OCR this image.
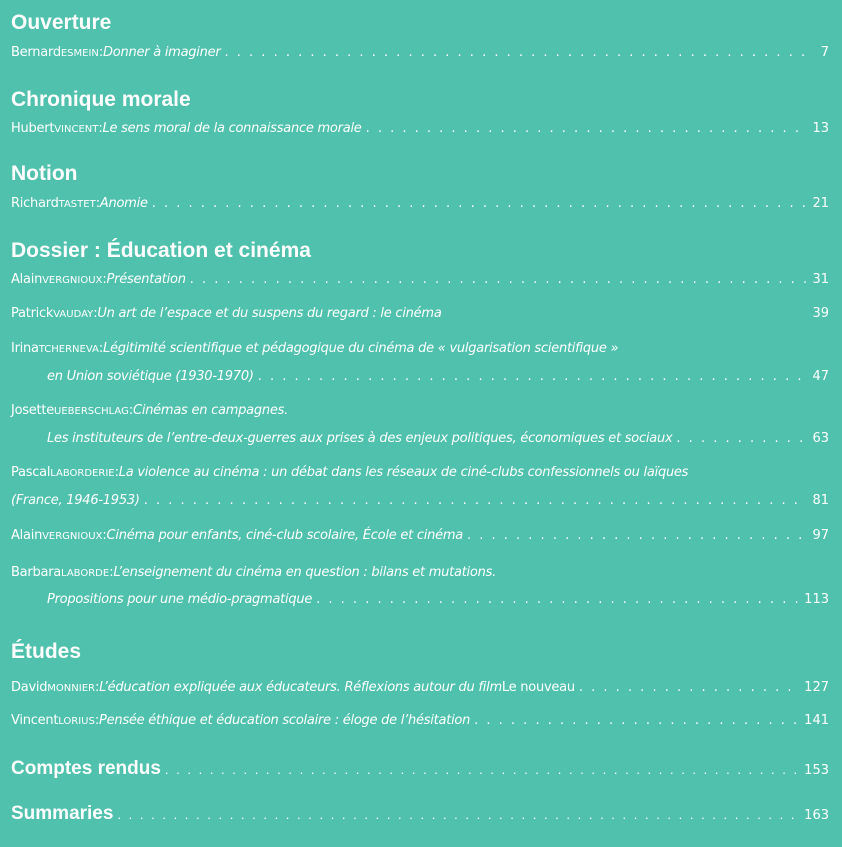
Ouverture
Bernard ESMEIN : Donner à imaginer . . .	7
Chronique morale
Hubert VINCENT : Le sens moral de la connaissance morale . . .	13
Notion
Richard TASTET : Anomie . . .	21
Dossier : Éducation et cinéma
Alain VERGNIOUX : Présentation . . .	31
Patrick VAUDAY : Un art de l’espace et du suspens du regard : le cinéma	39
Irina TCHERNEVA : Légitimité scientifique et pédagogique du cinéma de « vulgarisation scientifique »
en Union soviétique (1930-1970) . . .	47
Josette UEBERSCHLAG : Cinémas en campagnes.
Les instituteurs de l’entre-deux-guerres aux prises à des enjeux politiques, économiques et sociaux . . .	63
Pascal LABORDERIE : La violence au cinéma : un débat dans les réseaux de ciné-clubs confessionnels ou laïques
(France, 1946-1953) . . .	81
Alain VERGNIOUX : Cinéma pour enfants, ciné-club scolaire, École et cinéma . . .	97
Barbara LABORDE : L’enseignement du cinéma en question : bilans et mutations.
Propositions pour une médio-pragmatique . . .	113
Études
David MONNIER : L’éducation expliquée aux éducateurs. Réflexions autour du film Le nouveau . . .	127
Vincent LORIUS : Pensée éthique et éducation scolaire : éloge de l’hésitation . . .	141
Comptes rendus . . .	153
Summaries . . .	163
